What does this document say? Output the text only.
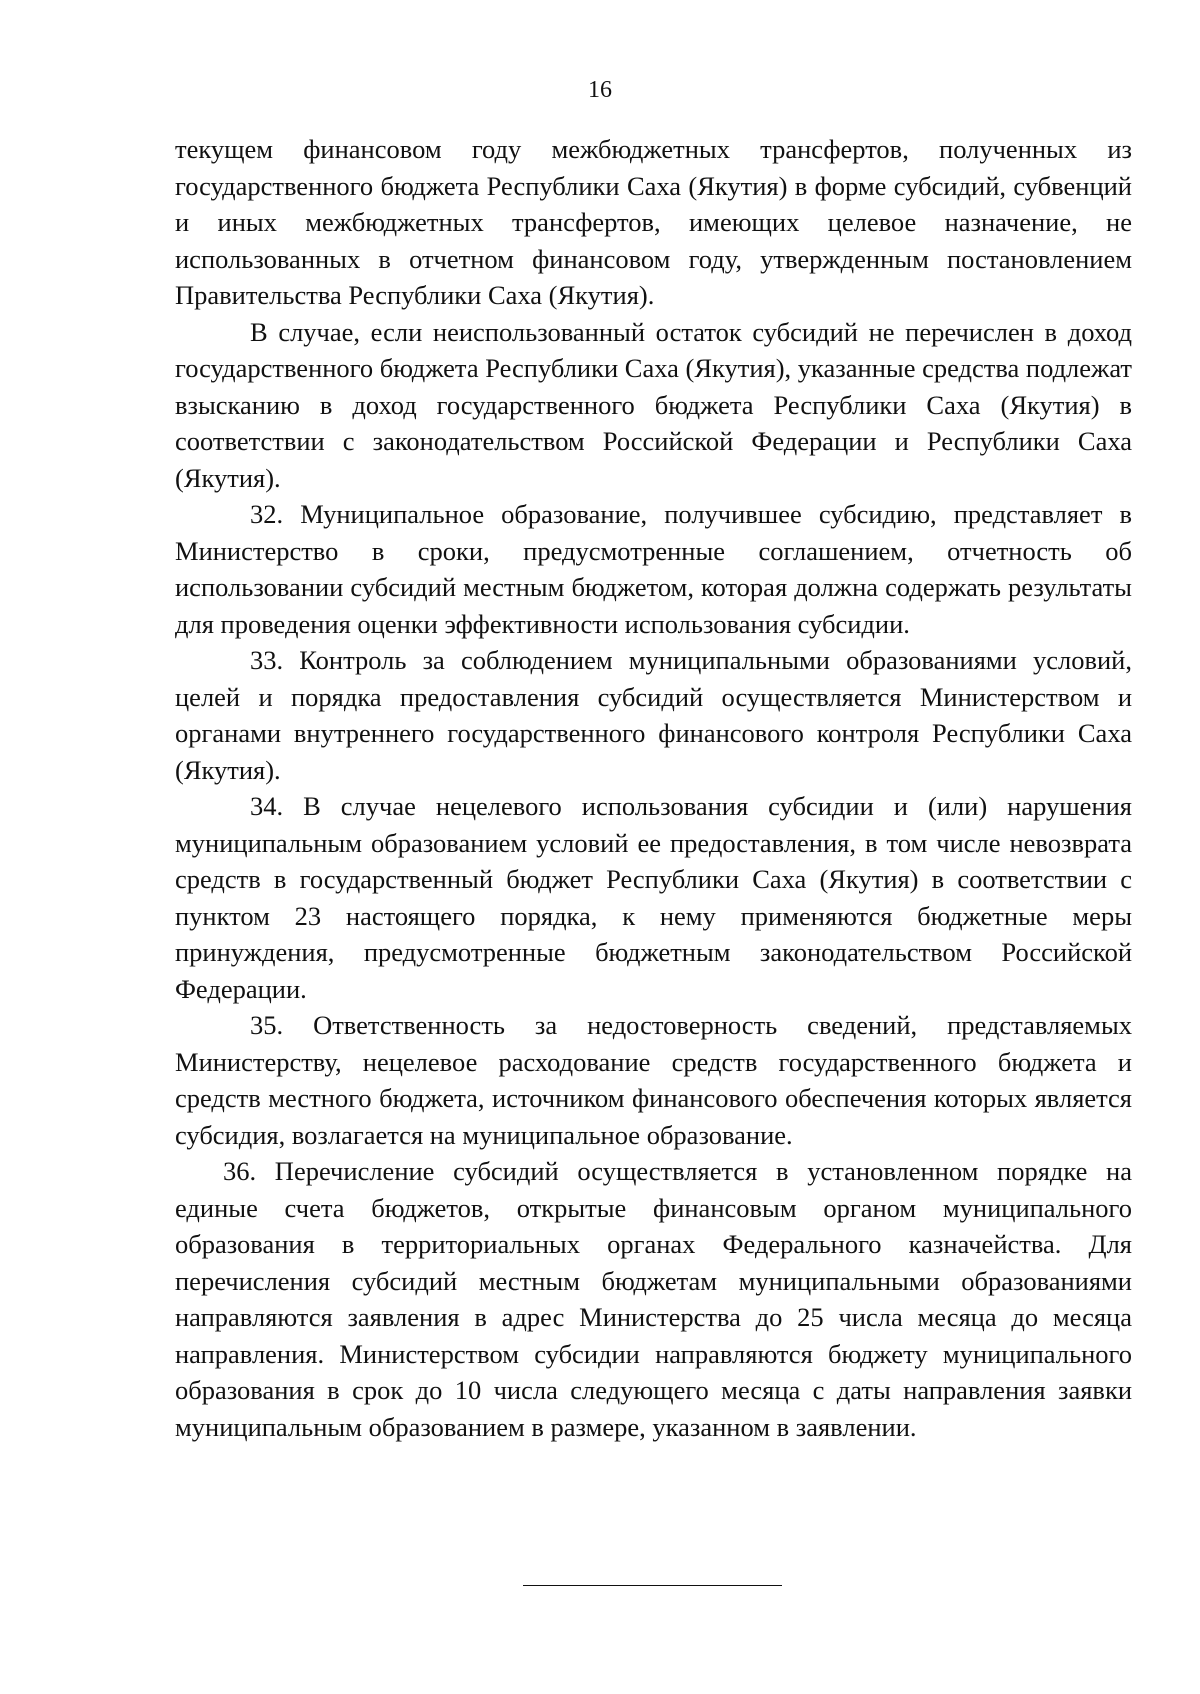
16

текущем финансовом году межбюджетных трансфертов, полученных из государственного бюджета Республики Саха (Якутия) в форме субсидий, субвенций и иных межбюджетных трансфертов, имеющих целевое назначение, не использованных в отчетном финансовом году, утвержденным постановлением Правительства Республики Саха (Якутия).

В случае, если неиспользованный остаток субсидий не перечислен в доход государственного бюджета Республики Саха (Якутия), указанные средства подлежат взысканию в доход государственного бюджета Республики Саха (Якутия) в соответствии с законодательством Российской Федерации и Республики Саха (Якутия).

32. Муниципальное образование, получившее субсидию, представляет в Министерство в сроки, предусмотренные соглашением, отчетность об использовании субсидий местным бюджетом, которая должна содержать результаты для проведения оценки эффективности использования субсидии.

33. Контроль за соблюдением муниципальными образованиями условий, целей и порядка предоставления субсидий осуществляется Министерством и органами внутреннего государственного финансового контроля Республики Саха (Якутия).

34. В случае нецелевого использования субсидии и (или) нарушения муниципальным образованием условий ее предоставления, в том числе невозврата средств в государственный бюджет Республики Саха (Якутия) в соответствии с пунктом 23 настоящего порядка, к нему применяются бюджетные меры принуждения, предусмотренные бюджетным законодательством Российской Федерации.

35. Ответственность за недостоверность сведений, представляемых Министерству, нецелевое расходование средств государственного бюджета и средств местного бюджета, источником финансового обеспечения которых является субсидия, возлагается на муниципальное образование.

36. Перечисление субсидий осуществляется в установленном порядке на единые счета бюджетов, открытые финансовым органом муниципального образования в территориальных органах Федерального казначейства. Для перечисления субсидий местным бюджетам муниципальными образованиями направляются заявления в адрес Министерства до 25 числа месяца до месяца направления. Министерством субсидии направляются бюджету муниципального образования в срок до 10 числа следующего месяца с даты направления заявки муниципальным образованием в размере, указанном в заявлении.
